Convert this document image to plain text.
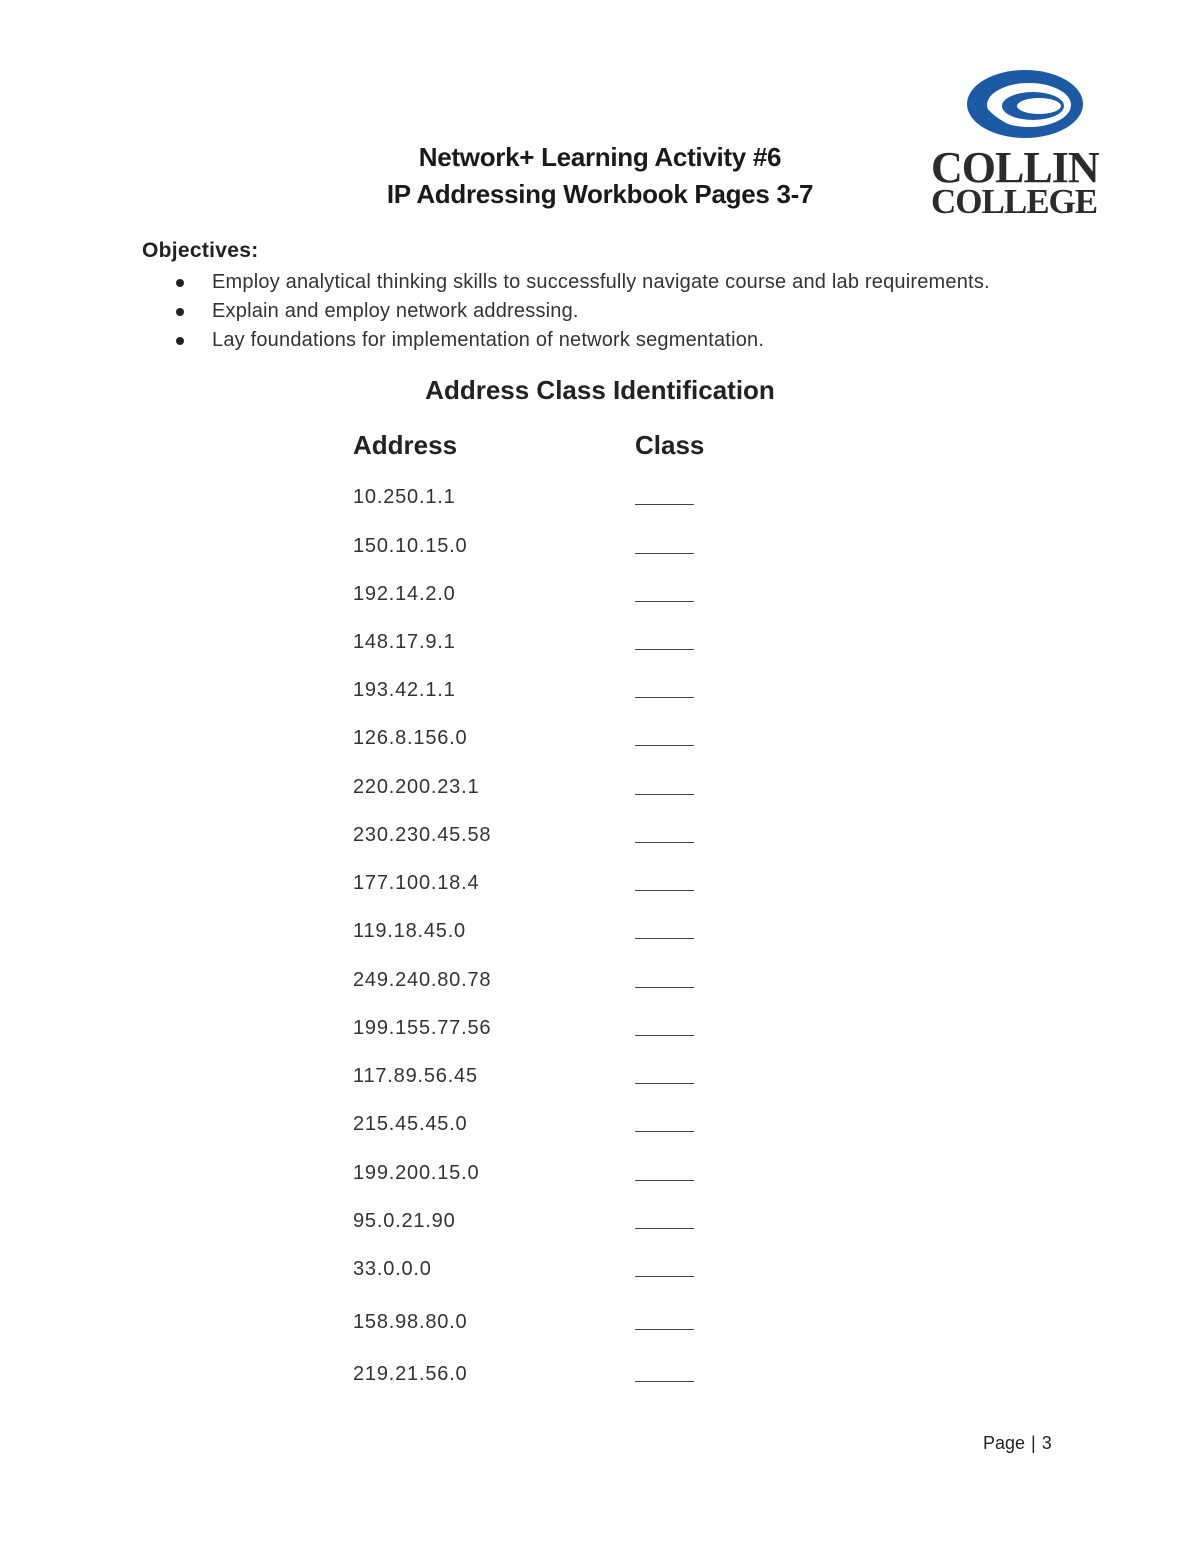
COLLIN
COLLEGE
Network+ Learning Activity #6
IP Addressing Workbook Pages 3-7
Objectives:
Employ analytical thinking skills to successfully navigate course and lab requirements.
Explain and employ network addressing.
Lay foundations for implementation of network segmentation.
Address Class Identification
Address	Class
10.250.1.1
150.10.15.0
192.14.2.0
148.17.9.1
193.42.1.1
126.8.156.0
220.200.23.1
230.230.45.58
177.100.18.4
119.18.45.0
249.240.80.78
199.155.77.56
117.89.56.45
215.45.45.0
199.200.15.0
95.0.21.90
33.0.0.0
158.98.80.0
219.21.56.0
Page | 3
